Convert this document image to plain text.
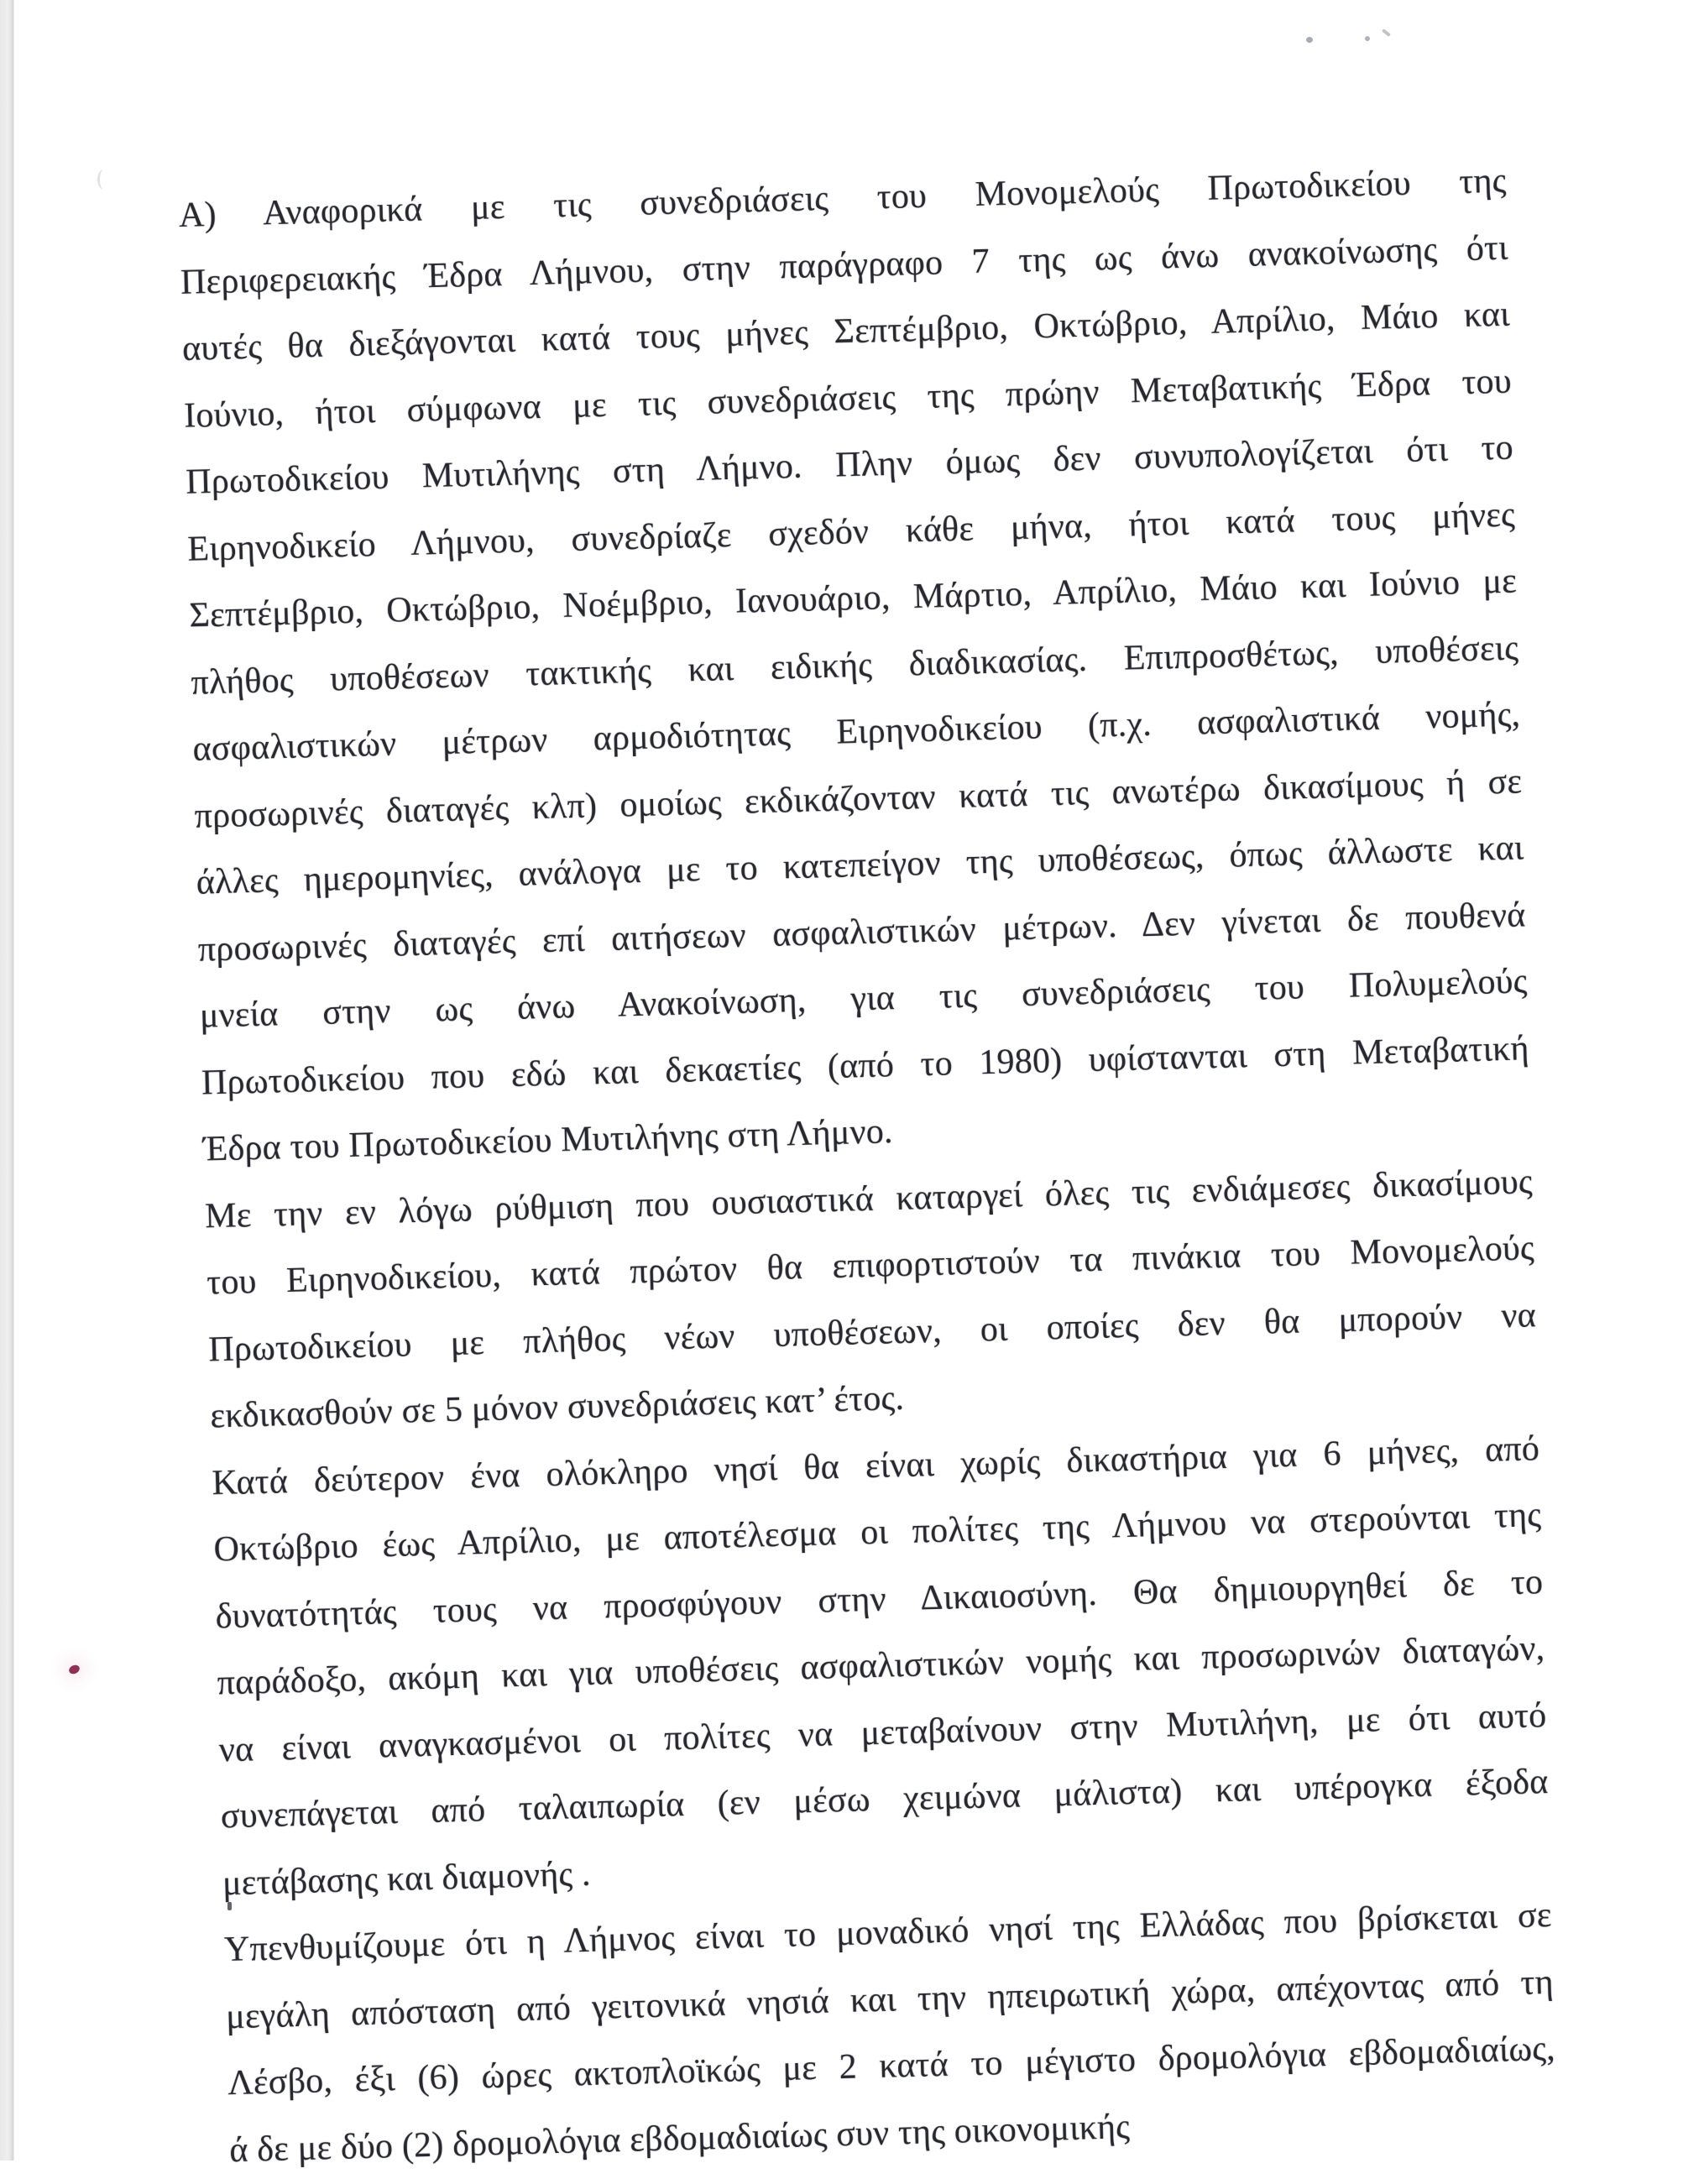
Α) Αναφορικά με τις συνεδριάσεις του Μονομελούς Πρωτοδικείου της
Περιφερειακής Έδρα Λήμνου, στην παράγραφο 7 της ως άνω ανακοίνωσης ότι
αυτές θα διεξάγονται κατά τους μήνες Σεπτέμβριο, Οκτώβριο, Απρίλιο, Μάιο και
Ιούνιο, ήτοι σύμφωνα με τις συνεδριάσεις της πρώην Μεταβατικής Έδρα του
Πρωτοδικείου Μυτιλήνης στη Λήμνο. Πλην όμως δεν συνυπολογίζεται ότι το
Ειρηνοδικείο Λήμνου, συνεδρίαζε σχεδόν κάθε μήνα, ήτοι κατά τους μήνες
Σεπτέμβριο, Οκτώβριο, Νοέμβριο, Ιανουάριο, Μάρτιο, Απρίλιο, Μάιο και Ιούνιο με
πλήθος υποθέσεων τακτικής και ειδικής διαδικασίας. Επιπροσθέτως, υποθέσεις
ασφαλιστικών μέτρων αρμοδιότητας Ειρηνοδικείου (π.χ. ασφαλιστικά νομής,
προσωρινές διαταγές κλπ) ομοίως εκδικάζονταν κατά τις ανωτέρω δικασίμους ή σε
άλλες ημερομηνίες, ανάλογα με το κατεπείγον της υποθέσεως, όπως άλλωστε και
προσωρινές διαταγές επί αιτήσεων ασφαλιστικών μέτρων. Δεν γίνεται δε πουθενά
μνεία στην ως άνω Ανακοίνωση, για τις συνεδριάσεις του Πολυμελούς
Πρωτοδικείου που εδώ και δεκαετίες (από το 1980) υφίστανται στη Μεταβατική
Έδρα του Πρωτοδικείου Μυτιλήνης στη Λήμνο.
Με την εν λόγω ρύθμιση που ουσιαστικά καταργεί όλες τις ενδιάμεσες δικασίμους
του Ειρηνοδικείου, κατά πρώτον θα επιφορτιστούν τα πινάκια του Μονομελούς
Πρωτοδικείου με πλήθος νέων υποθέσεων, οι οποίες δεν θα μπορούν να
εκδικασθούν σε 5 μόνον συνεδριάσεις κατ’ έτος.
Κατά δεύτερον ένα ολόκληρο νησί θα είναι χωρίς δικαστήρια για 6 μήνες, από
Οκτώβριο έως Απρίλιο, με αποτέλεσμα οι πολίτες της Λήμνου να στερούνται της
δυνατότητάς τους να προσφύγουν στην Δικαιοσύνη. Θα δημιουργηθεί δε το
παράδοξο, ακόμη και για υποθέσεις ασφαλιστικών νομής και προσωρινών διαταγών,
να είναι αναγκασμένοι οι πολίτες να μεταβαίνουν στην Μυτιλήνη, με ότι αυτό
συνεπάγεται από ταλαιπωρία (εν μέσω χειμώνα μάλιστα) και υπέρογκα έξοδα
μετάβασης και διαμονής .
Υπενθυμίζουμε ότι η Λήμνος είναι το μοναδικό νησί της Ελλάδας που βρίσκεται σε
μεγάλη απόσταση από γειτονικά νησιά και την ηπειρωτική χώρα, απέχοντας από τη
Λέσβο, έξι (6) ώρες ακτοπλοϊκώς με 2 κατά το μέγιστο δρομολόγια εβδομαδιαίως,
ά δε με δύο (2) δρομολόγια εβδομαδιαίως συν της οικονομικής
